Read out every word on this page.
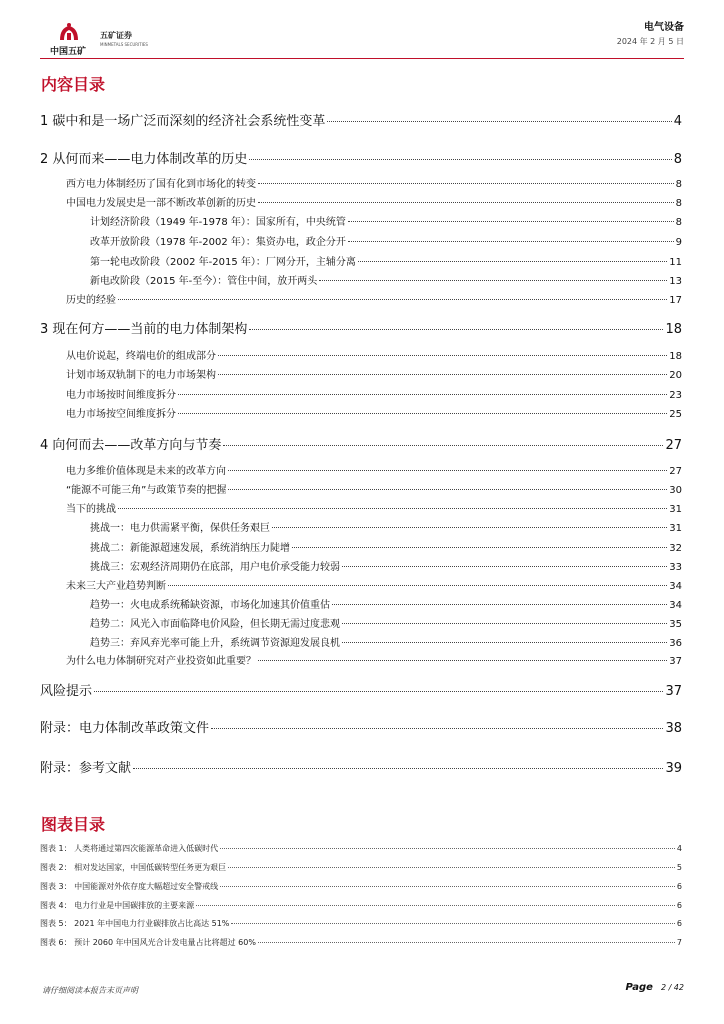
中国五矿
五矿证券
MINMETALS SECURITIES
电气设备
2024 年 2 月 5 日
内容目录
1 碳中和是一场广泛而深刻的经济社会系统性变革	4
2 从何而来——电力体制改革的历史	8
西方电力体制经历了国有化到市场化的转变	8
中国电力发展史是一部不断改革创新的历史	8
计划经济阶段（1949 年-1978 年）：国家所有，中央统管	8
改革开放阶段（1978 年-2002 年）：集资办电，政企分开	9
第一轮电改阶段（2002 年-2015 年）：厂网分开，主辅分离	11
新电改阶段（2015 年-至今）：管住中间，放开两头	13
历史的经验	17
3 现在何方——当前的电力体制架构	18
从电价说起，终端电价的组成部分	18
计划市场双轨制下的电力市场架构	20
电力市场按时间维度拆分	23
电力市场按空间维度拆分	25
4 向何而去——改革方向与节奏	27
电力多维价值体现是未来的改革方向	27
“能源不可能三角”与政策节奏的把握	30
当下的挑战	31
挑战一：电力供需紧平衡，保供任务艰巨	31
挑战二：新能源超速发展，系统消纳压力陡增	32
挑战三：宏观经济周期仍在底部，用户电价承受能力较弱	33
未来三大产业趋势判断	34
趋势一：火电成系统稀缺资源，市场化加速其价值重估	34
趋势二：风光入市面临降电价风险，但长期无需过度悲观	35
趋势三：弃风弃光率可能上升，系统调节资源迎发展良机	36
为什么电力体制研究对产业投资如此重要？	37
风险提示	37
附录：电力体制改革政策文件	38
附录：参考文献	39
图表目录
图表 1： 人类将通过第四次能源革命进入低碳时代	4
图表 2： 相对发达国家，中国低碳转型任务更为艰巨	5
图表 3： 中国能源对外依存度大幅超过安全警戒线	6
图表 4： 电力行业是中国碳排放的主要来源	6
图表 5： 2021 年中国电力行业碳排放占比高达 51%	6
图表 6： 预计 2060 年中国风光合计发电量占比将超过 60%	7
请仔细阅读本报告末页声明	Page 2 / 42
